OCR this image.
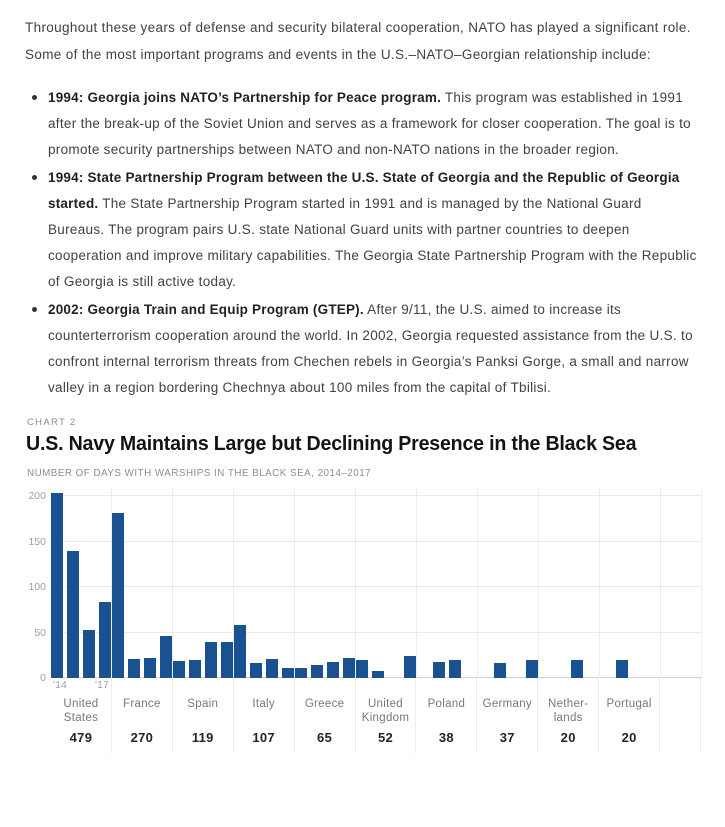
Throughout these years of defense and security bilateral cooperation, NATO has played a significant role. Some of the most important programs and events in the U.S.–NATO–Georgian relationship include:

1994: Georgia joins NATO’s Partnership for Peace program. This program was established in 1991 after the break-up of the Soviet Union and serves as a framework for closer cooperation. The goal is to promote security partnerships between NATO and non-NATO nations in the broader region.
1994: State Partnership Program between the U.S. State of Georgia and the Republic of Georgia started. The State Partnership Program started in 1991 and is managed by the National Guard Bureaus. The program pairs U.S. state National Guard units with partner countries to deepen cooperation and improve military capabilities. The Georgia State Partnership Program with the Republic of Georgia is still active today.
2002: Georgia Train and Equip Program (GTEP). After 9/11, the U.S. aimed to increase its counterterrorism cooperation around the world. In 2002, Georgia requested assistance from the U.S. to confront internal terrorism threats from Chechen rebels in Georgia’s Panksi Gorge, a small and narrow valley in a region bordering Chechnya about 100 miles from the capital of Tbilisi.
CHART 2
U.S. Navy Maintains Large but Declining Presence in the Black Sea
NUMBER OF DAYS WITH WARSHIPS IN THE BLACK SEA, 2014–2017
0
50
100
150
200
'14	'17
United
States
479
France
270
Spain
119
Italy
107
Greece
65
United
Kingdom
52
Poland
38
Germany
37
Nether-
lands
20
Portugal
20
